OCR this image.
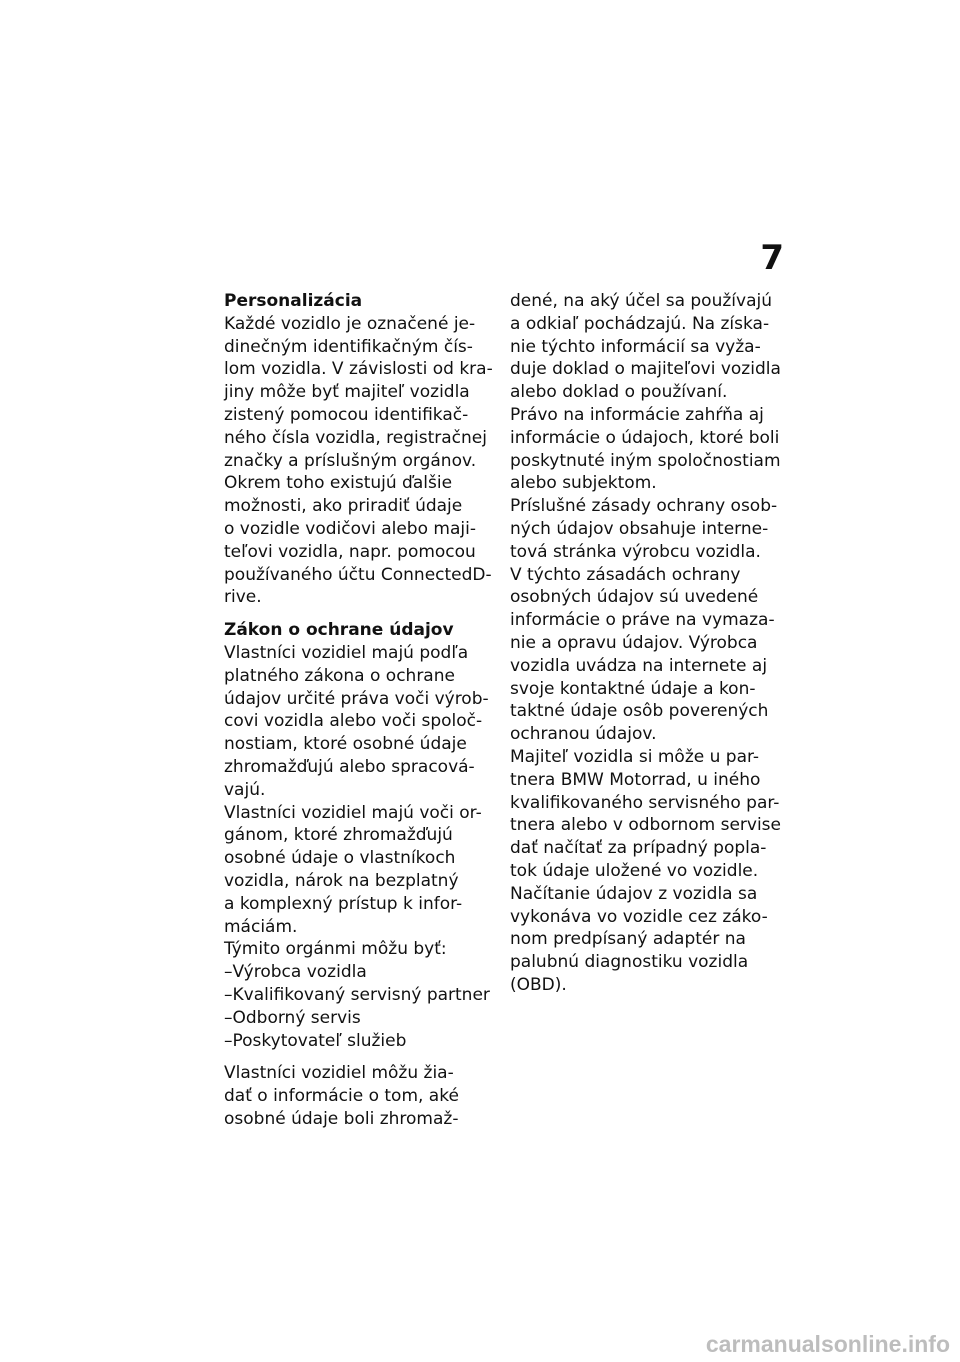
7
Personalizácia
Každé vozidlo je označené je-
dinečným identifikačným čís-
lom vozidla. V závislosti od kra-
jiny môže byť majiteľ vozidla
zistený pomocou identifikač-
ného čísla vozidla, registračnej
značky a príslušným orgánov.
Okrem toho existujú ďalšie
možnosti, ako priradiť údaje
o vozidle vodičovi alebo maji-
teľovi vozidla, napr. pomocou
používaného účtu ConnectedD-
rive.
Zákon o ochrane údajov
Vlastníci vozidiel majú podľa
platného zákona o ochrane
údajov určité práva voči výrob-
covi vozidla alebo voči spoloč-
nostiam, ktoré osobné údaje
zhromažďujú alebo spracová-
vajú.
Vlastníci vozidiel majú voči or-
gánom, ktoré zhromažďujú
osobné údaje o vlastníkoch
vozidla, nárok na bezplatný
a komplexný prístup k infor-
máciám.
Týmito orgánmi môžu byť:
–Výrobca vozidla
–Kvalifikovaný servisný partner
–Odborný servis
–Poskytovateľ služieb
Vlastníci vozidiel môžu žia-
dať o informácie o tom, aké
osobné údaje boli zhromaž-
dené, na aký účel sa používajú
a odkiaľ pochádzajú. Na získa-
nie týchto informácií sa vyža-
duje doklad o majiteľovi vozidla
alebo doklad o používaní.
Právo na informácie zahŕňa aj
informácie o údajoch, ktoré boli
poskytnuté iným spoločnostiam
alebo subjektom.
Príslušné zásady ochrany osob-
ných údajov obsahuje interne-
tová stránka výrobcu vozidla.
V týchto zásadách ochrany
osobných údajov sú uvedené
informácie o práve na vymaza-
nie a opravu údajov. Výrobca
vozidla uvádza na internete aj
svoje kontaktné údaje a kon-
taktné údaje osôb poverených
ochranou údajov.
Majiteľ vozidla si môže u par-
tnera BMW Motorrad, u iného
kvalifikovaného servisného par-
tnera alebo v odbornom servise
dať načítať za prípadný popla-
tok údaje uložené vo vozidle.
Načítanie údajov z vozidla sa
vykonáva vo vozidle cez záko-
nom predpísaný adaptér na
palubnú diagnostiku vozidla
(OBD).
carmanualsonline.info
